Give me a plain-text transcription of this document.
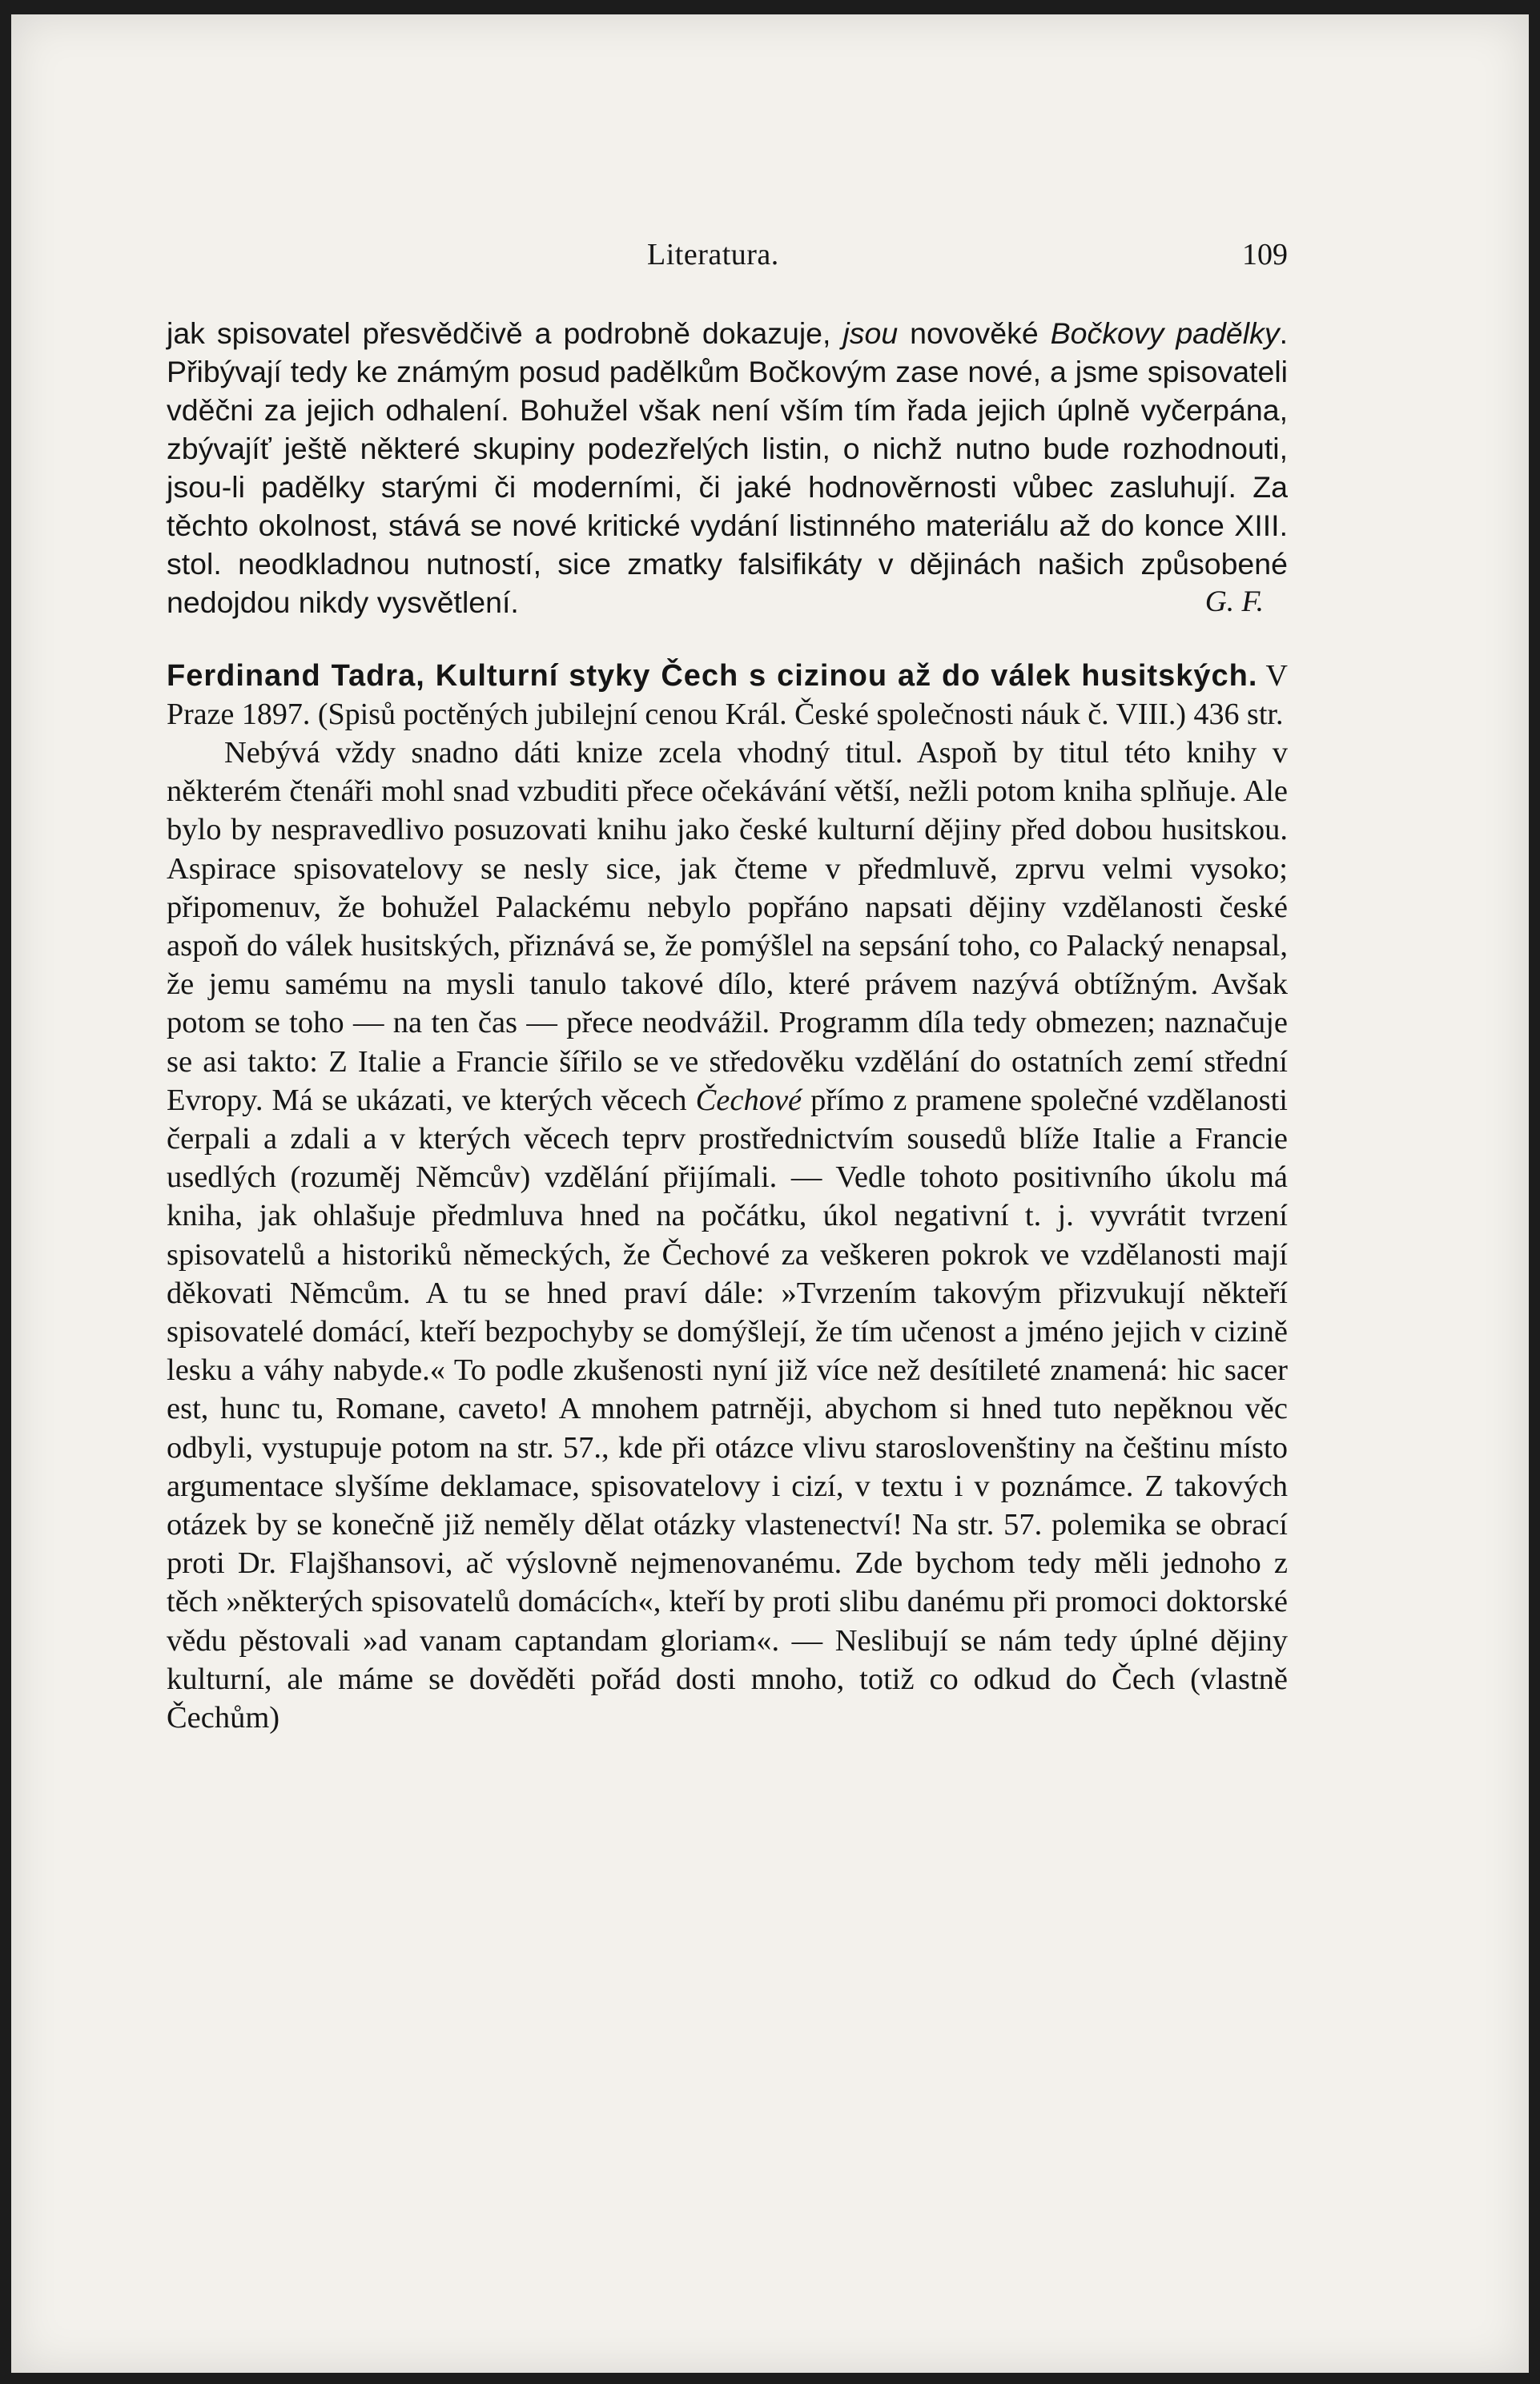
Literatura.	109

jak spisovatel přesvědčivě a podrobně dokazuje, jsou novověké Bočkovy padělky. Přibývají tedy ke známým posud padělkům Bočkovým zase nové, a jsme spisovateli vděčni za jejich odhalení. Bohužel však není vším tím řada jejich úplně vyčerpána, zbývajíť ještě některé skupiny podezřelých listin, o nichž nutno bude rozhodnouti, jsou-li padělky starými či moderními, či jaké hodnověrnosti vůbec zasluhují. Za těchto okolnost, stává se nové kritické vydání listinného materiálu až do konce XIII. stol. neodkladnou nutností, sice zmatky falsifikáty v dějinách našich způsobené

nedojdou nikdy vysvětlení.	G. F.

Ferdinand Tadra, Kulturní styky Čech s cizinou až do válek husitských. V Praze 1897. (Spisů poctěných jubilejní cenou Král. České společnosti náuk č. VIII.) 436 str.

Nebývá vždy snadno dáti knize zcela vhodný titul. Aspoň by titul této knihy v některém čtenáři mohl snad vzbuditi přece očekávání větší, nežli potom kniha splňuje. Ale bylo by nespravedlivo posuzovati knihu jako české kulturní dějiny před dobou husitskou. Aspirace spisovatelovy se nesly sice, jak čteme v předmluvě, zprvu velmi vysoko; připomenuv, že bohužel Palackému nebylo popřáno napsati dějiny vzdělanosti české aspoň do válek husitských, přiznává se, že pomýšlel na sepsání toho, co Palacký nenapsal, že jemu samému na mysli tanulo takové dílo, které právem nazývá obtížným. Avšak potom se toho — na ten čas — přece neodvážil. Programm díla tedy obmezen; naznačuje se asi takto: Z Italie a Francie šířilo se ve středověku vzdělání do ostatních zemí střední Evropy. Má se ukázati, ve kterých věcech Čechové přímo z pramene společné vzdělanosti čerpali a zdali a v kterých věcech teprv prostřednictvím sousedů blíže Italie a Francie usedlých (rozuměj Němcův) vzdělání přijímali. — Vedle tohoto positivního úkolu má kniha, jak ohlašuje předmluva hned na počátku, úkol negativní t. j. vyvrátit tvrzení spisovatelů a historiků německých, že Čechové za veškeren pokrok ve vzdělanosti mají děkovati Němcům. A tu se hned praví dále: »Tvrzením takovým přizvukují někteří spisovatelé domácí, kteří bezpochyby se domýšlejí, že tím učenost a jméno jejich v cizině lesku a váhy nabyde.« To podle zkušenosti nyní již více než desítileté znamená: hic sacer est, hunc tu, Romane, caveto! A mnohem patrněji, abychom si hned tuto nepěknou věc odbyli, vystupuje potom na str. 57., kde při otázce vlivu staroslovenštiny na češtinu místo argumentace slyšíme deklamace, spisovatelovy i cizí, v textu i v poznámce. Z takových otázek by se konečně již neměly dělat otázky vlastenectví! Na str. 57. polemika se obrací proti Dr. Flajšhansovi, ač výslovně nejmenovanému. Zde bychom tedy měli jednoho z těch »některých spisovatelů domácích«, kteří by proti slibu danému při promoci doktorské vědu pěstovali »ad vanam captandam gloriam«. — Neslibují se nám tedy úplné dějiny kulturní, ale máme se dověděti pořád dosti mnoho, totiž co odkud do Čech (vlastně Čechům)
